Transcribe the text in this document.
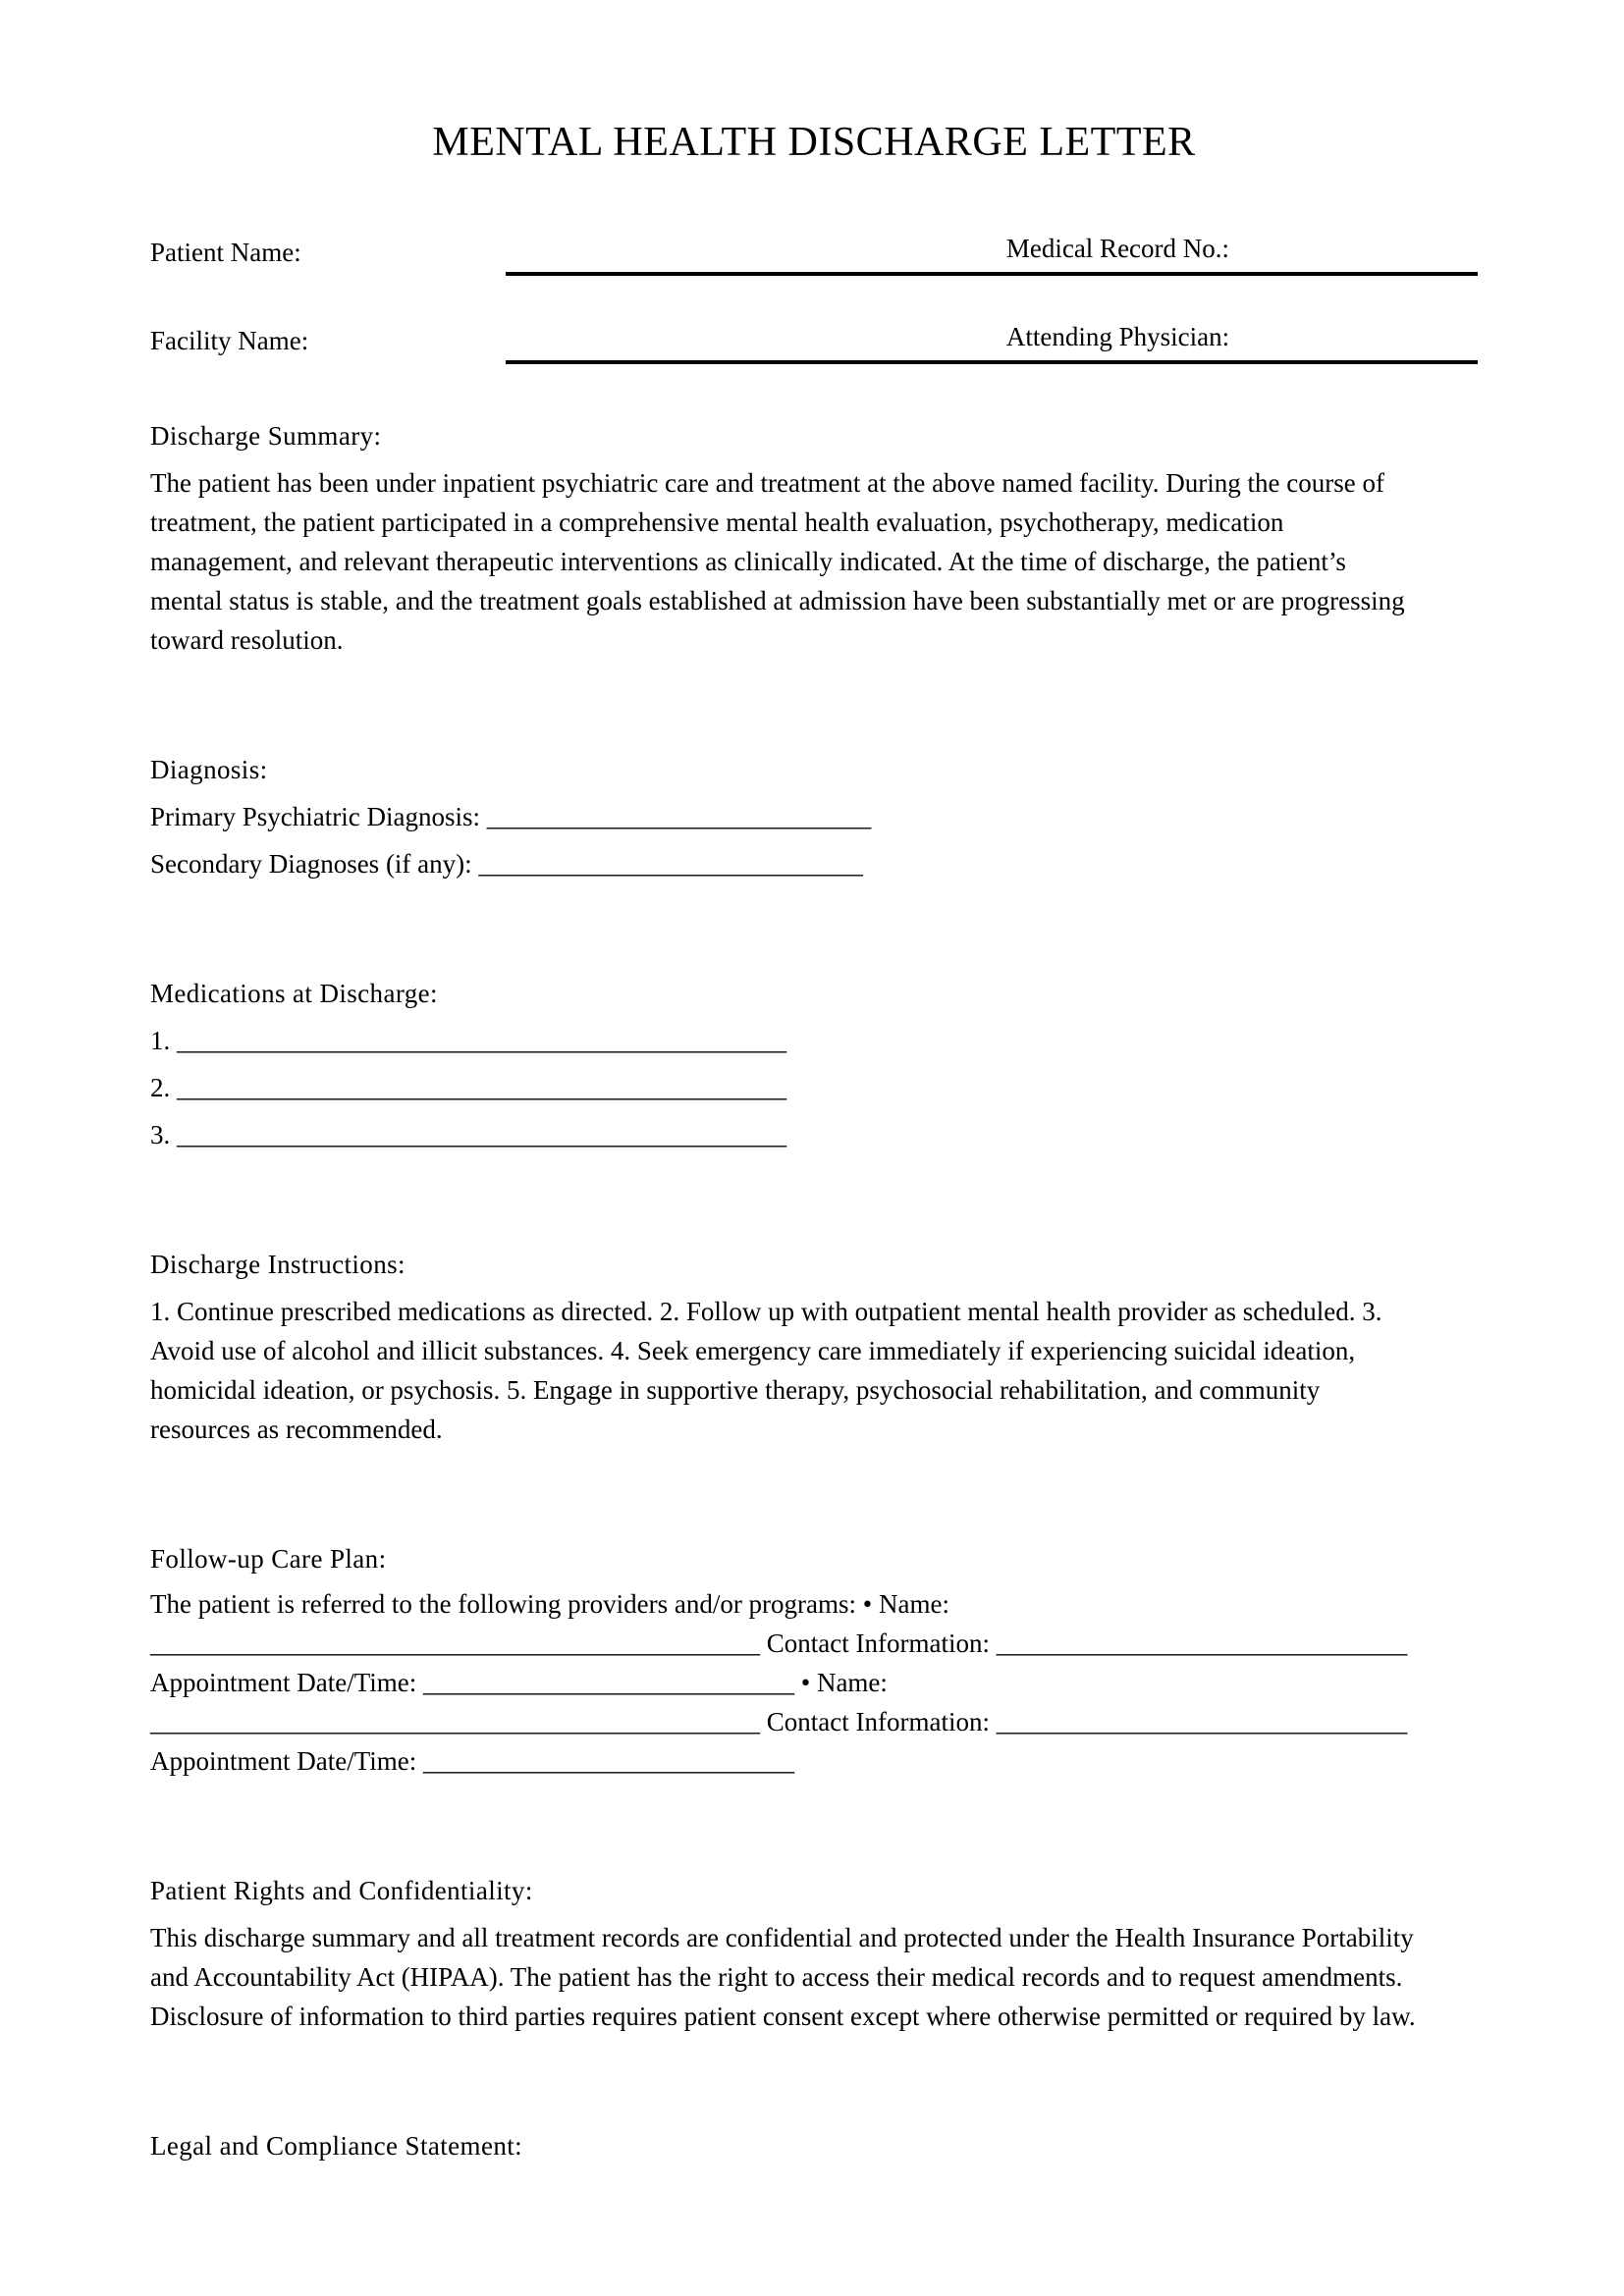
MENTAL HEALTH DISCHARGE LETTER
Patient Name:	Medical Record No.:
Facility Name:	Attending Physician:
Discharge Summary:
The patient has been under inpatient psychiatric care and treatment at the above named facility. During the course of
treatment, the patient participated in a comprehensive mental health evaluation, psychotherapy, medication
management, and relevant therapeutic interventions as clinically indicated. At the time of discharge, the patient’s
mental status is stable, and the treatment goals established at admission have been substantially met or are progressing
toward resolution.
Diagnosis:
Primary Psychiatric Diagnosis: _____________________________
Secondary Diagnoses (if any): _____________________________
Medications at Discharge:
1. ______________________________________________
2. ______________________________________________
3. ______________________________________________
Discharge Instructions:
1. Continue prescribed medications as directed. 2. Follow up with outpatient mental health provider as scheduled. 3.
Avoid use of alcohol and illicit substances. 4. Seek emergency care immediately if experiencing suicidal ideation,
homicidal ideation, or psychosis. 5. Engage in supportive therapy, psychosocial rehabilitation, and community
resources as recommended.
Follow-up Care Plan:
The patient is referred to the following providers and/or programs: • Name:
______________________________________________ Contact Information: _______________________________
Appointment Date/Time: ____________________________ • Name:
______________________________________________ Contact Information: _______________________________
Appointment Date/Time: ____________________________
Patient Rights and Confidentiality:
This discharge summary and all treatment records are confidential and protected under the Health Insurance Portability
and Accountability Act (HIPAA). The patient has the right to access their medical records and to request amendments.
Disclosure of information to third parties requires patient consent except where otherwise permitted or required by law.
Legal and Compliance Statement:
